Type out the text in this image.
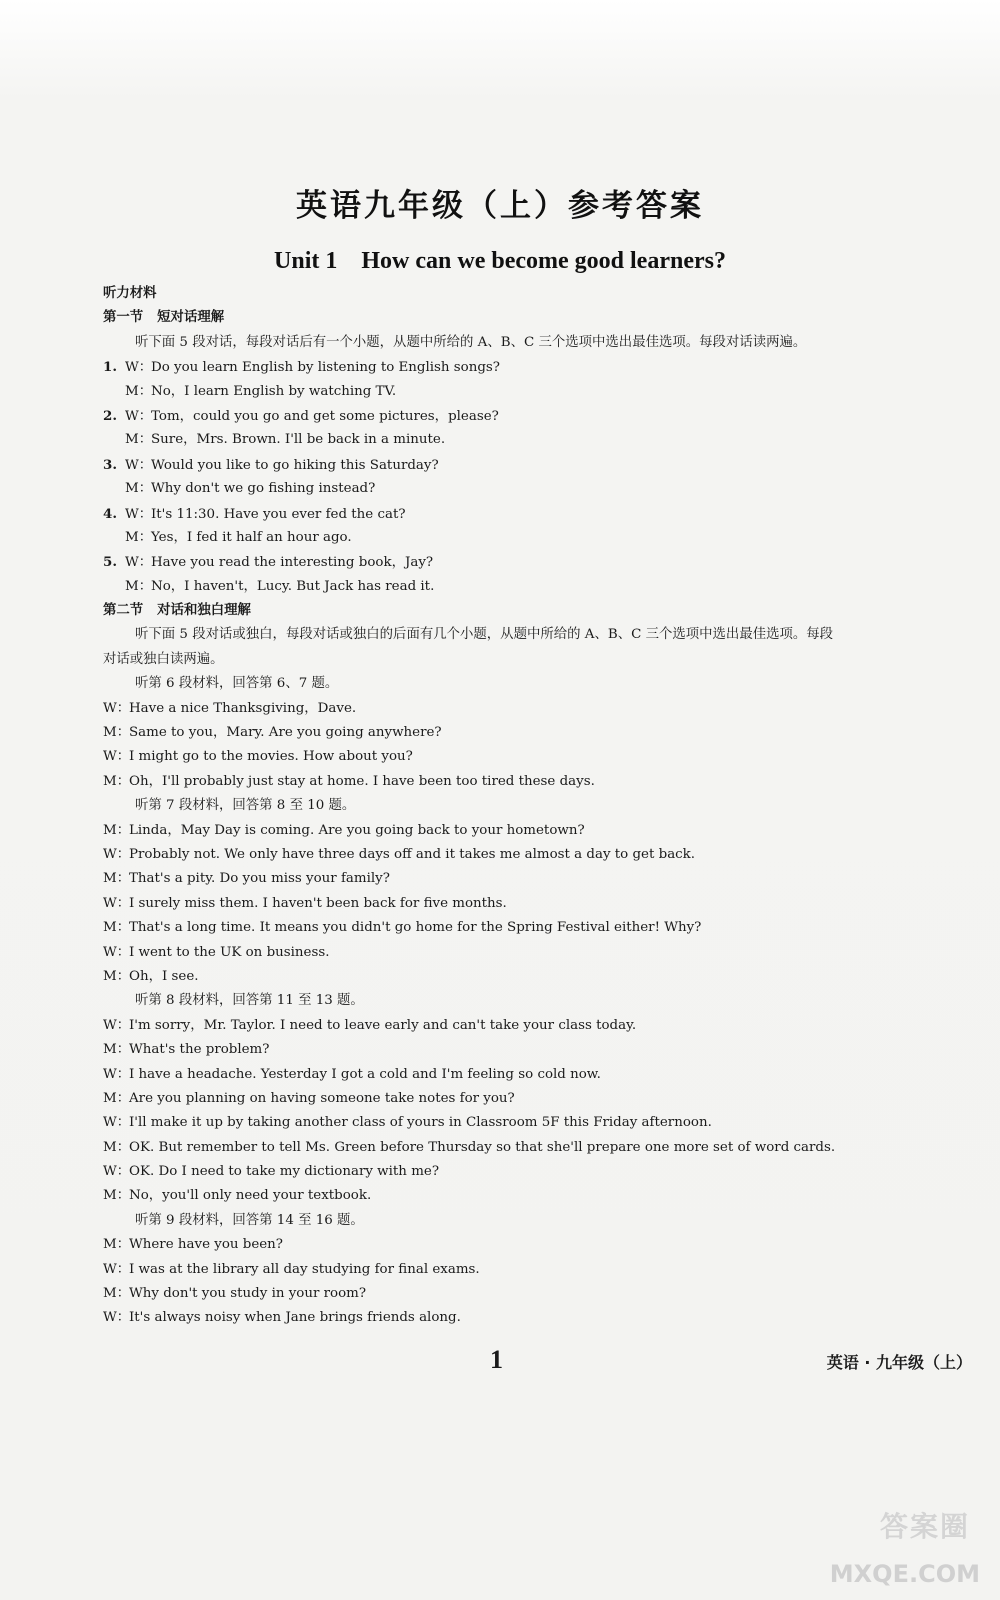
英语九年级（上）参考答案
Unit 1　How can we become good learners?
听力材料
第一节 短对话理解
听下面 5 段对话，每段对话后有一个小题，从题中所给的 A、B、C 三个选项中选出最佳选项。每段对话读两遍。
1. W：Do you learn English by listening to English songs?
M：No，I learn English by watching TV.
2. W：Tom，could you go and get some pictures，please?
M：Sure，Mrs. Brown. I'll be back in a minute.
3. W：Would you like to go hiking this Saturday?
M：Why don't we go fishing instead?
4. W：It's 11:30. Have you ever fed the cat?
M：Yes，I fed it half an hour ago.
5. W：Have you read the interesting book，Jay?
M：No，I haven't，Lucy. But Jack has read it.
第二节 对话和独白理解
听下面 5 段对话或独白，每段对话或独白的后面有几个小题，从题中所给的 A、B、C 三个选项中选出最佳选项。每段
对话或独白读两遍。
听第 6 段材料，回答第 6、7 题。
W：Have a nice Thanksgiving，Dave.
M：Same to you，Mary. Are you going anywhere?
W：I might go to the movies. How about you?
M：Oh，I'll probably just stay at home. I have been too tired these days.
听第 7 段材料，回答第 8 至 10 题。
M：Linda，May Day is coming. Are you going back to your hometown?
W：Probably not. We only have three days off and it takes me almost a day to get back.
M：That's a pity. Do you miss your family?
W：I surely miss them. I haven't been back for five months.
M：That's a long time. It means you didn't go home for the Spring Festival either! Why?
W：I went to the UK on business.
M：Oh，I see.
听第 8 段材料，回答第 11 至 13 题。
W：I'm sorry，Mr. Taylor. I need to leave early and can't take your class today.
M：What's the problem?
W：I have a headache. Yesterday I got a cold and I'm feeling so cold now.
M：Are you planning on having someone take notes for you?
W：I'll make it up by taking another class of yours in Classroom 5F this Friday afternoon.
M：OK. But remember to tell Ms. Green before Thursday so that she'll prepare one more set of word cards.
W：OK. Do I need to take my dictionary with me?
M：No，you'll only need your textbook.
听第 9 段材料，回答第 14 至 16 题。
M：Where have you been?
W：I was at the library all day studying for final exams.
M：Why don't you study in your room?
W：It's always noisy when Jane brings friends along.
1	英语 · 九年级（上）
答案圈
MXQE.COM
